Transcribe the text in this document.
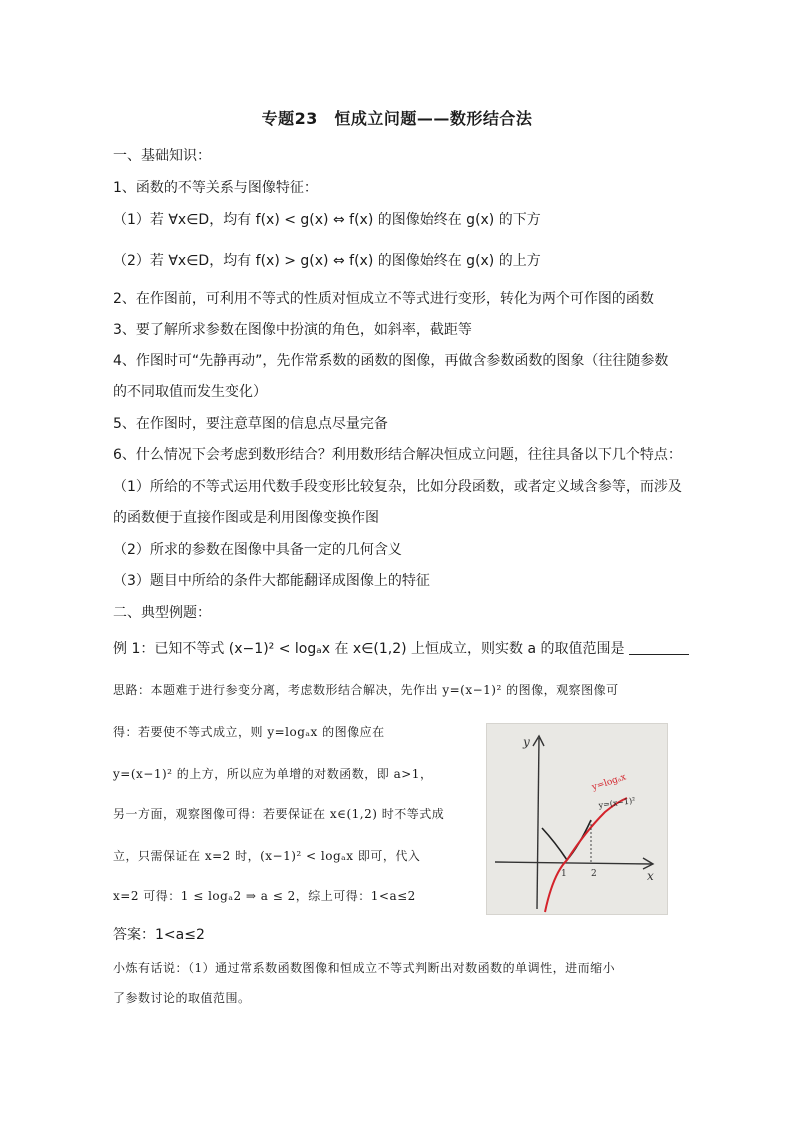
专题23　恒成立问题——数形结合法
一、基础知识：
1、函数的不等关系与图像特征：
（1）若 ∀x∈D，均有 f(x) < g(x) ⇔ f(x) 的图像始终在 g(x) 的下方
（2）若 ∀x∈D，均有 f(x) > g(x) ⇔ f(x) 的图像始终在 g(x) 的上方
2、在作图前，可利用不等式的性质对恒成立不等式进行变形，转化为两个可作图的函数
3、要了解所求参数在图像中扮演的角色，如斜率，截距等
4、作图时可“先静再动”，先作常系数的函数的图像，再做含参数函数的图象（往往随参数
的不同取值而发生变化）
5、在作图时，要注意草图的信息点尽量完备
6、什么情况下会考虑到数形结合？利用数形结合解决恒成立问题，往往具备以下几个特点：
（1）所给的不等式运用代数手段变形比较复杂，比如分段函数，或者定义域含参等，而涉及
的函数便于直接作图或是利用图像变换作图
（2）所求的参数在图像中具备一定的几何含义
（3）题目中所给的条件大都能翻译成图像上的特征
二、典型例题：
例 1：已知不等式 (x−1)² < logₐx 在 x∈(1,2) 上恒成立，则实数 a 的取值范围是
思路：本题难于进行参变分离，考虑数形结合解决，先作出 y=(x−1)² 的图像，观察图像可
得：若要使不等式成立，则 y=logₐx 的图像应在
y=(x−1)² 的上方，所以应为单增的对数函数，即 a>1，
另一方面，观察图像可得：若要保证在 x∈(1,2) 时不等式成
立，只需保证在 x=2 时，(x−1)² < logₐx 即可，代入
x=2 可得：1 ≤ logₐ2 ⇒ a ≤ 2，综上可得：1<a≤2
答案：1<a≤2
小炼有话说：（1）通过常系数函数图像和恒成立不等式判断出对数函数的单调性，进而缩小
了参数讨论的取值范围。
1	2
y
x
y=logₐx
y=(x−1)²
